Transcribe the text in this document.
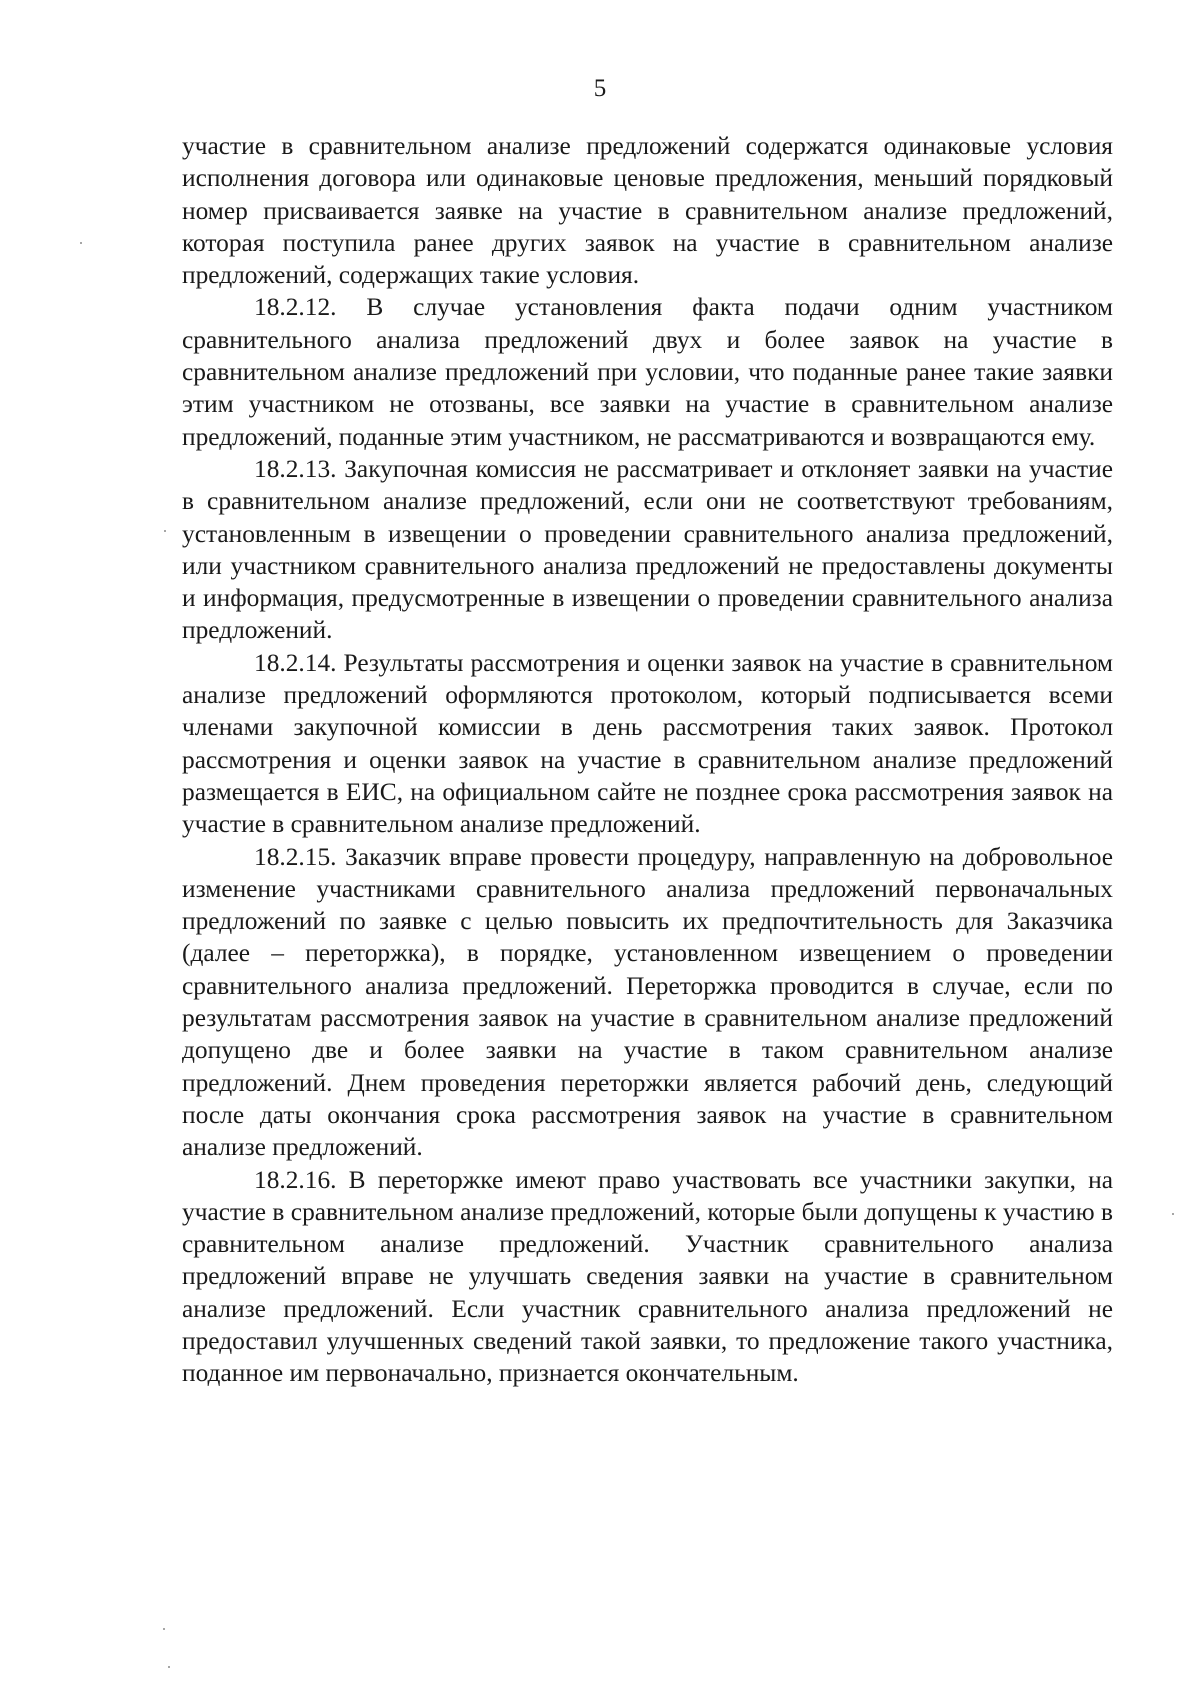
5

участие в сравнительном анализе предложений содержатся одинаковые условия исполнения договора или одинаковые ценовые предложения, меньший порядковый номер присваивается заявке на участие в сравнительном анализе предложений, которая поступила ранее других заявок на участие в сравнительном анализе предложений, содержащих такие условия.

18.2.12. В случае установления факта подачи одним участником сравнительного анализа предложений двух и более заявок на участие в сравнительном анализе предложений при условии, что поданные ранее такие заявки этим участником не отозваны, все заявки на участие в сравнительном анализе предложений, поданные этим участником, не рассматриваются и возвращаются ему.

18.2.13. Закупочная комиссия не рассматривает и отклоняет заявки на участие в сравнительном анализе предложений, если они не соответствуют требованиям, установленным в извещении о проведении сравнительного анализа предложений, или участником сравнительного анализа предложений не предоставлены документы и информация, предусмотренные в извещении о проведении сравнительного анализа предложений.

18.2.14. Результаты рассмотрения и оценки заявок на участие в сравнительном анализе предложений оформляются протоколом, который подписывается всеми членами закупочной комиссии в день рассмотрения таких заявок. Протокол рассмотрения и оценки заявок на участие в сравнительном анализе предложений размещается в ЕИС, на официальном сайте не позднее срока рассмотрения заявок на участие в сравнительном анализе предложений.

18.2.15. Заказчик вправе провести процедуру, направленную на добровольное изменение участниками сравнительного анализа предложений первоначальных предложений по заявке с целью повысить их предпочтительность для Заказчика (далее – переторжка), в порядке, установленном извещением о проведении сравнительного анализа предложений. Переторжка проводится в случае, если по результатам рассмотрения заявок на участие в сравнительном анализе предложений допущено две и более заявки на участие в таком сравнительном анализе предложений. Днем проведения переторжки является рабочий день, следующий после даты окончания срока рассмотрения заявок на участие в сравнительном анализе предложений.

18.2.16. В переторжке имеют право участвовать все участники закупки, на участие в сравнительном анализе предложений, которые были допущены к участию в сравнительном анализе предложений. Участник сравнительного анализа предложений вправе не улучшать сведения заявки на участие в сравнительном анализе предложений. Если участник сравнительного анализа предложений не предоставил улучшенных сведений такой заявки, то предложение такого участника, поданное им первоначально, признается окончательным.
